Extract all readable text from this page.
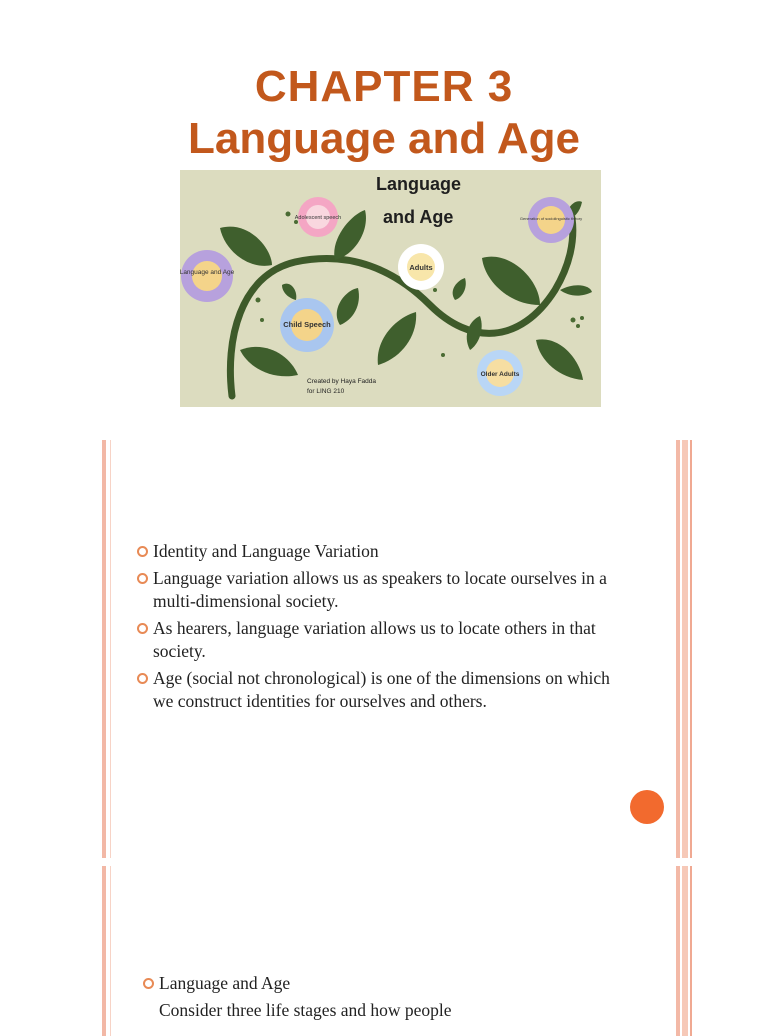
CHAPTER 3
Language and Age
Language and Age
Adolescent speech
Adults
Child Speech
Older Adults
Generation of sociolinguistic theory
Language
and Age
Created by Haya Fadda
for LING 210
Identity and Language Variation
Language variation allows us as speakers to locate ourselves in a multi-dimensional society.
As hearers, language variation allows us to locate others in that society.
Age (social not chronological) is one of the dimensions on which we construct identities for ourselves and others.
Language and Age
Consider three life stages and how people
